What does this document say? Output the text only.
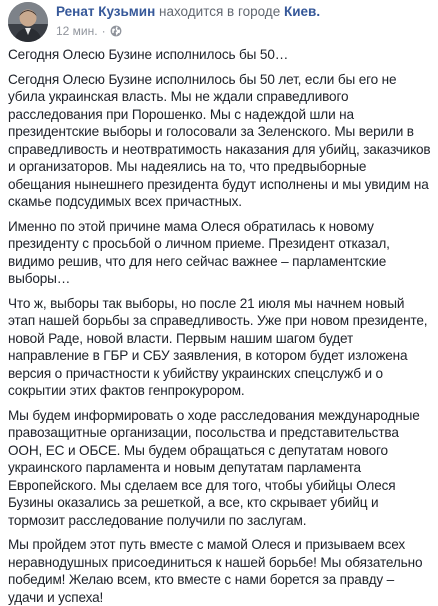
Ренат Кузьмин находится в городе Киев.
12 мин. ·

Сегодня Олесю Бузине исполнилось бы 50…

Сегодня Олесю Бузине исполнилось бы 50 лет, если бы его не убила украинская власть. Мы не ждали справедливого расследования при Порошенко. Мы с надеждой шли на президентские выборы и голосовали за Зеленского. Мы верили в справедливость и неотвратимость наказания для убийц, заказчиков и организаторов. Мы надеялись на то, что предвыборные обещания нынешнего президента будут исполнены и мы увидим на скамье подсудимых всех причастных.

Именно по этой причине мама Олеся обратилась к новому президенту с просьбой о личном приеме. Президент отказал, видимо решив, что для него сейчас важнее – парламентские выборы…

Что ж, выборы так выборы, но после 21 июля мы начнем новый этап нашей борьбы за справедливость. Уже при новом президенте, новой Раде, новой власти. Первым нашим шагом будет направление в ГБР и СБУ заявления, в котором будет изложена версия о причастности к убийству украинских спецслужб и о сокрытии этих фактов генпрокурором.

Мы будем информировать о ходе расследования международные правозащитные организации, посольства и представительства ООН, ЕС и ОБСЕ. Мы будем обращаться с депутатам нового украинского парламента и новым депутатам парламента Европейского. Мы сделаем все для того, чтобы убийцы Олеся Бузины оказались за решеткой, а все, кто скрывает убийц и тормозит расследование получили по заслугам.

Мы пройдем этот путь вместе с мамой Олеся и призываем всех неравнодушных присоединиться к нашей борьбе! Мы обязательно победим! Желаю всем, кто вместе с нами борется за правду – удачи и успеха!
